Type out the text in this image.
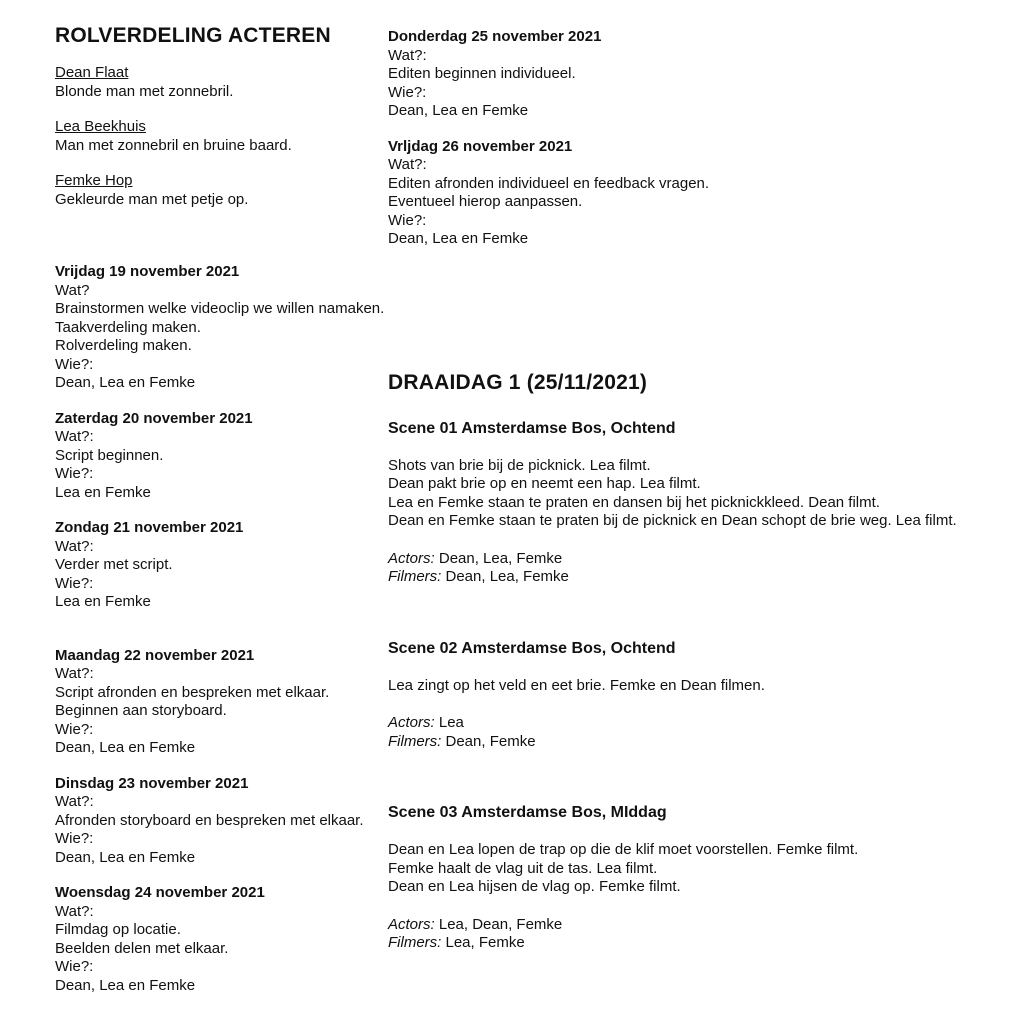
ROLVERDELING ACTEREN
Dean Flaat
Blonde man met zonnebril.
Lea Beekhuis
Man met zonnebril en bruine baard.
Femke Hop
Gekleurde man met petje op.
Vrijdag 19 november 2021
Wat?
Brainstormen welke videoclip we willen namaken.
Taakverdeling maken.
Rolverdeling maken.
Wie?:
Dean, Lea en Femke
Zaterdag 20 november 2021
Wat?:
Script beginnen.
Wie?:
Lea en Femke
Zondag 21 november 2021
Wat?:
Verder met script.
Wie?:
Lea en Femke
Maandag 22 november 2021
Wat?:
Script afronden en bespreken met elkaar.
Beginnen aan storyboard.
Wie?:
Dean, Lea en Femke
Dinsdag 23 november 2021
Wat?:
Afronden storyboard en bespreken met elkaar.
Wie?:
Dean, Lea en Femke
Woensdag 24 november 2021
Wat?:
Filmdag op locatie.
Beelden delen met elkaar.
Wie?:
Dean, Lea en Femke
Donderdag 25 november 2021
Wat?:
Editen beginnen individueel.
Wie?:
Dean, Lea en Femke
Vrljdag 26 november 2021
Wat?:
Editen afronden individueel en feedback vragen.
Eventueel hierop aanpassen.
Wie?:
Dean, Lea en Femke
DRAAIDAG 1 (25/11/2021)
Scene 01 Amsterdamse Bos, Ochtend
Shots van brie bij de picknick. Lea filmt.
Dean pakt brie op en neemt een hap. Lea filmt.
Lea en Femke staan te praten en dansen bij het picknickkleed. Dean filmt.
Dean en Femke staan te praten bij de picknick en Dean schopt de brie weg. Lea filmt.
Actors: Dean, Lea, Femke
Filmers: Dean, Lea, Femke
Scene 02 Amsterdamse Bos, Ochtend
Lea zingt op het veld en eet brie. Femke en Dean filmen.
Actors: Lea
Filmers: Dean, Femke
Scene 03 Amsterdamse Bos, MIddag
Dean en Lea lopen de trap op die de klif moet voorstellen. Femke filmt.
Femke haalt de vlag uit de tas. Lea filmt.
Dean en Lea hijsen de vlag op. Femke filmt.
Actors: Lea, Dean, Femke
Filmers: Lea, Femke
